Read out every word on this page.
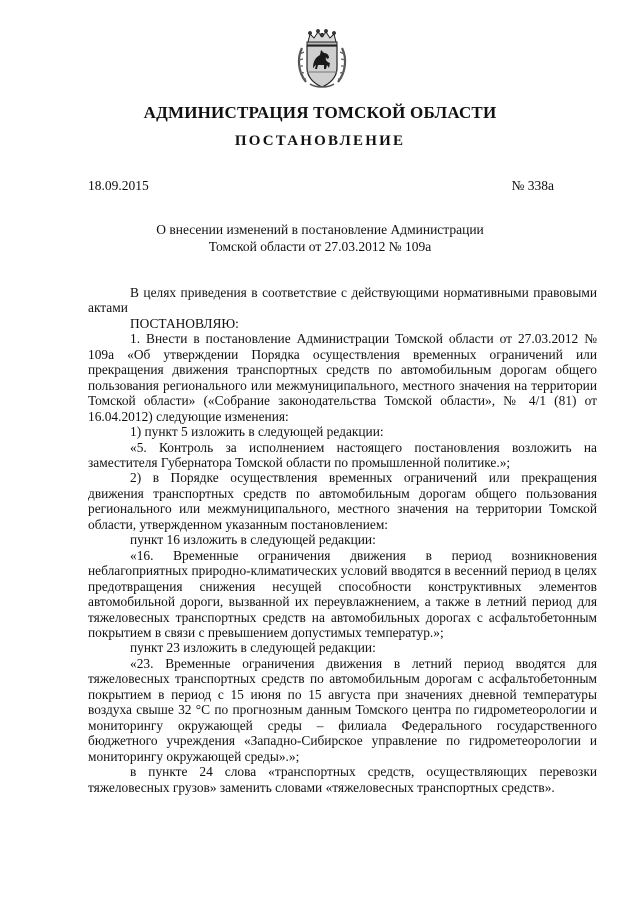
АДМИНИСТРАЦИЯ ТОМСКОЙ ОБЛАСТИ
ПОСТАНОВЛЕНИЕ
18.09.2015	№ 338а
О внесении изменений в постановление Администрации
Томской области от 27.03.2012 № 109а

В целях приведения в соответствие с действующими нормативными правовыми актами

ПОСТАНОВЛЯЮ:

1. Внести в постановление Администрации Томской области от 27.03.2012 № 109а «Об утверждении Порядка осуществления временных ограничений или прекращения движения транспортных средств по автомобильным дорогам общего пользования регионального или межмуниципального, местного значения на территории Томской области» («Собрание законодательства Томской области», № 4/1 (81) от 16.04.2012) следующие изменения:

1) пункт 5 изложить в следующей редакции:

«5. Контроль за исполнением настоящего постановления возложить на заместителя Губернатора Томской области по промышленной политике.»;

2) в Порядке осуществления временных ограничений или прекращения движения транспортных средств по автомобильным дорогам общего пользования регионального или межмуниципального, местного значения на территории Томской области, утвержденном указанным постановлением:

пункт 16 изложить в следующей редакции:

«16. Временные ограничения движения в период возникновения неблагоприятных природно-климатических условий вводятся в весенний период в целях предотвращения снижения несущей способности конструктивных элементов автомобильной дороги, вызванной их переувлажнением, а также в летний период для тяжеловесных транспортных средств на автомобильных дорогах с асфальтобетонным покрытием в связи с превышением допустимых температур.»;

пункт 23 изложить в следующей редакции:

«23. Временные ограничения движения в летний период вводятся для тяжеловесных транспортных средств по автомобильным дорогам с асфальтобетонным покрытием в период с 15 июня по 15 августа при значениях дневной температуры воздуха свыше 32 °С по прогнозным данным Томского центра по гидрометеорологии и мониторингу окружающей среды – филиала Федерального государственного бюджетного учреждения «Западно-Сибирское управление по гидрометеорологии и мониторингу окружающей среды».»;

в пункте 24 слова «транспортных средств, осуществляющих перевозки тяжеловесных грузов» заменить словами «тяжеловесных транспортных средств».
